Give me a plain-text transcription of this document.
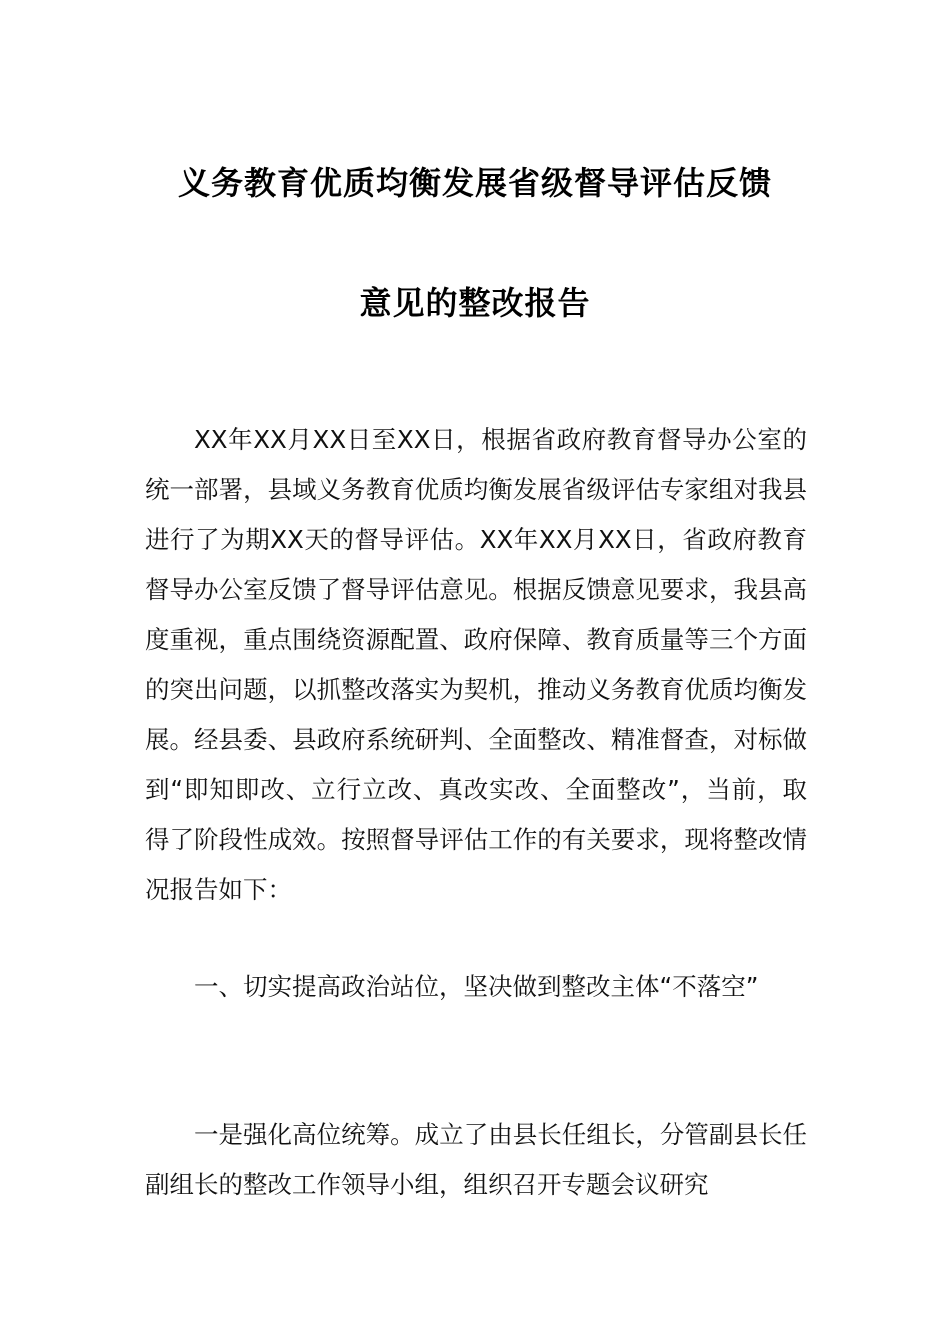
义务教育优质均衡发展省级督导评估反馈
意见的整改报告
XX年XX月XX日至XX日，根据省政府教育督导办公室的统一部署，县域义务教育优质均衡发展省级评估专家组对我县进行了为期XX天的督导评估。XX年XX月XX日，省政府教育督导办公室反馈了督导评估意见。根据反馈意见要求，我县高度重视，重点围绕资源配置、政府保障、教育质量等三个方面的突出问题，以抓整改落实为契机，推动义务教育优质均衡发展。经县委、县政府系统研判、全面整改、精准督查，对标做到“即知即改、立行立改、真改实改、全面整改”，当前，取得了阶段性成效。按照督导评估工作的有关要求，现将整改情况报告如下：
一、切实提高政治站位，坚决做到整改主体“不落空”
一是强化高位统筹。成立了由县长任组长，分管副县长任副组长的整改工作领导小组，组织召开专题会议研究
